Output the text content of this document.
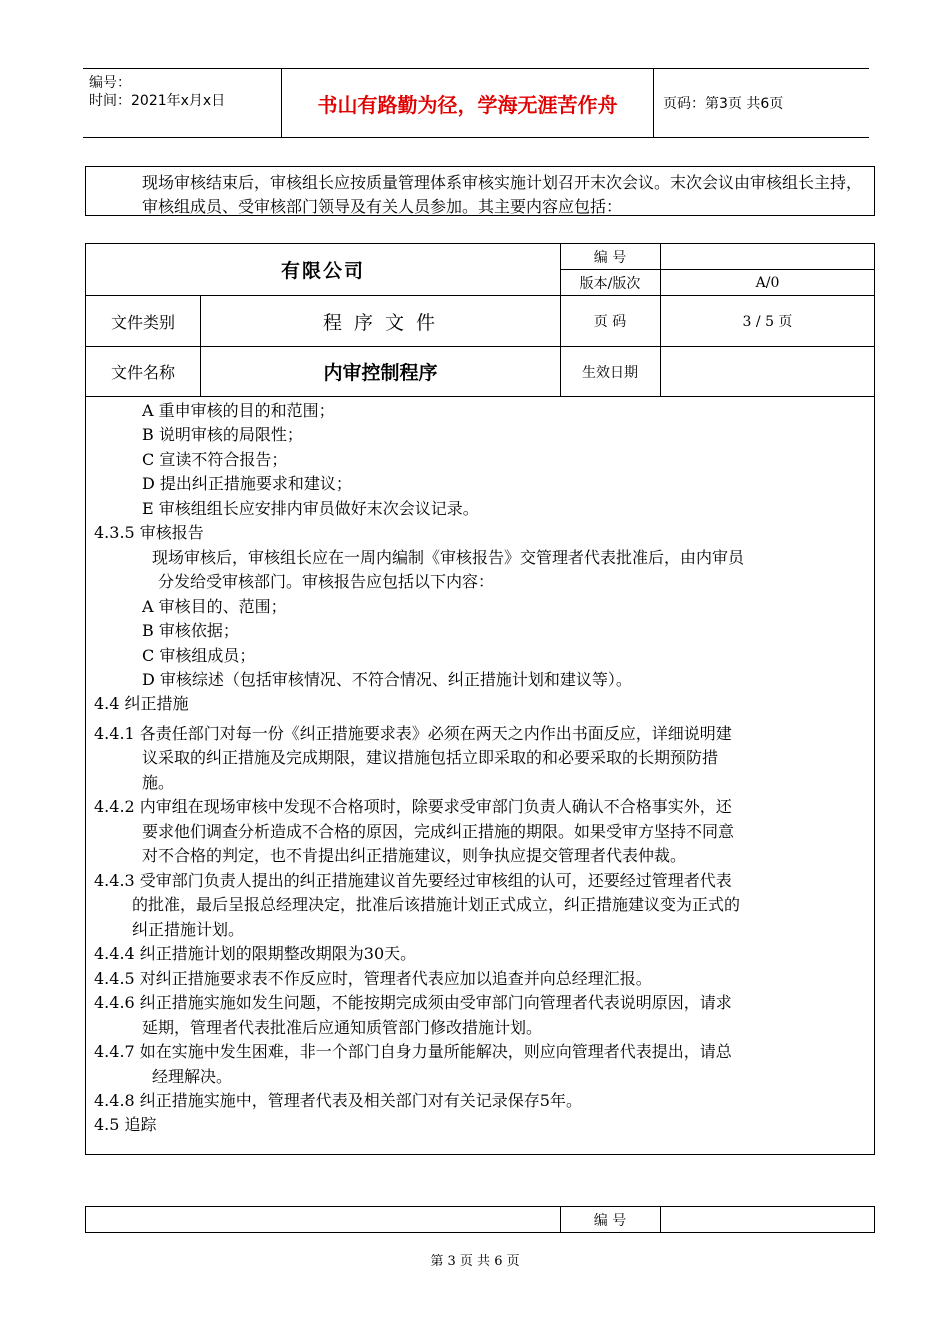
编号：
时间：2021年x月x日	书山有路勤为径，学海无涯苦作舟	页码：第3页 共6页
现场审核结束后，审核组长应按质量管理体系审核实施计划召开末次会议。末次会议由审核组长主持，审核组成员、受审核部门领导及有关人员参加。其主要内容应包括：
有限公司
编 号
版本/版次	A/0
文件类别	程 序 文 件	页 码	3 / 5 页
文件名称	内审控制程序	生效日期
A 重申审核的目的和范围；
B 说明审核的局限性；
C 宣读不符合报告；
D 提出纠正措施要求和建议；
E 审核组组长应安排内审员做好末次会议记录。
4.3.5 审核报告
现场审核后，审核组长应在一周内编制《审核报告》交管理者代表批准后，由内审员
分发给受审核部门。审核报告应包括以下内容：
A 审核目的、范围；
B 审核依据；
C 审核组成员；
D 审核综述（包括审核情况、不符合情况、纠正措施计划和建议等）。
4.4 纠正措施
4.4.1 各责任部门对每一份《纠正措施要求表》必须在两天之内作出书面反应，详细说明建
议采取的纠正措施及完成期限，建议措施包括立即采取的和必要采取的长期预防措
施。
4.4.2 内审组在现场审核中发现不合格项时，除要求受审部门负责人确认不合格事实外，还
要求他们调查分析造成不合格的原因，完成纠正措施的期限。如果受审方坚持不同意
对不合格的判定，也不肯提出纠正措施建议，则争执应提交管理者代表仲裁。
4.4.3 受审部门负责人提出的纠正措施建议首先要经过审核组的认可，还要经过管理者代表
的批准，最后呈报总经理决定，批准后该措施计划正式成立，纠正措施建议变为正式的
纠正措施计划。
4.4.4 纠正措施计划的限期整改期限为30天。
4.4.5 对纠正措施要求表不作反应时，管理者代表应加以追查并向总经理汇报。
4.4.6 纠正措施实施如发生问题，不能按期完成须由受审部门向管理者代表说明原因，请求
延期，管理者代表批准后应通知质管部门修改措施计划。
4.4.7 如在实施中发生困难，非一个部门自身力量所能解决，则应向管理者代表提出，请总
经理解决。
4.4.8 纠正措施实施中，管理者代表及相关部门对有关记录保存5年。
4.5 追踪
编 号
第 3 页 共 6 页
